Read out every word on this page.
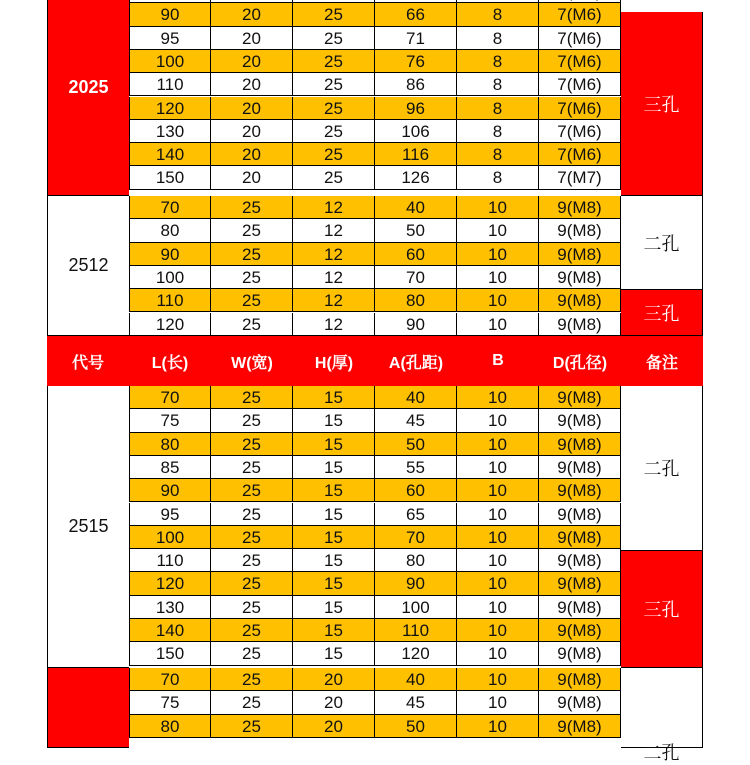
2025
三孔
90	20	25	66	8	7(M6)
95	20	25	71	8	7(M6)
100	20	25	76	8	7(M6)
110	20	25	86	8	7(M6)
120	20	25	96	8	7(M6)
130	20	25	106	8	7(M6)
140	20	25	116	8	7(M6)
150	20	25	126	8	7(M7)
2512
二孔
三孔
70	25	12	40	10	9(M8)
80	25	12	50	10	9(M8)
90	25	12	60	10	9(M8)
100	25	12	70	10	9(M8)
110	25	12	80	10	9(M8)
120	25	12	90	10	9(M8)
代号	L(长)	W(宽)	H(厚)	A(孔距)	B	D(孔径)	备注
2515
二孔
三孔
70	25	15	40	10	9(M8)
75	25	15	45	10	9(M8)
80	25	15	50	10	9(M8)
85	25	15	55	10	9(M8)
90	25	15	60	10	9(M8)
95	25	15	65	10	9(M8)
100	25	15	70	10	9(M8)
110	25	15	80	10	9(M8)
120	25	15	90	10	9(M8)
130	25	15	100	10	9(M8)
140	25	15	110	10	9(M8)
150	25	15	120	10	9(M8)
二孔
70	25	20	40	10	9(M8)
75	25	20	45	10	9(M8)
80	25	20	50	10	9(M8)
